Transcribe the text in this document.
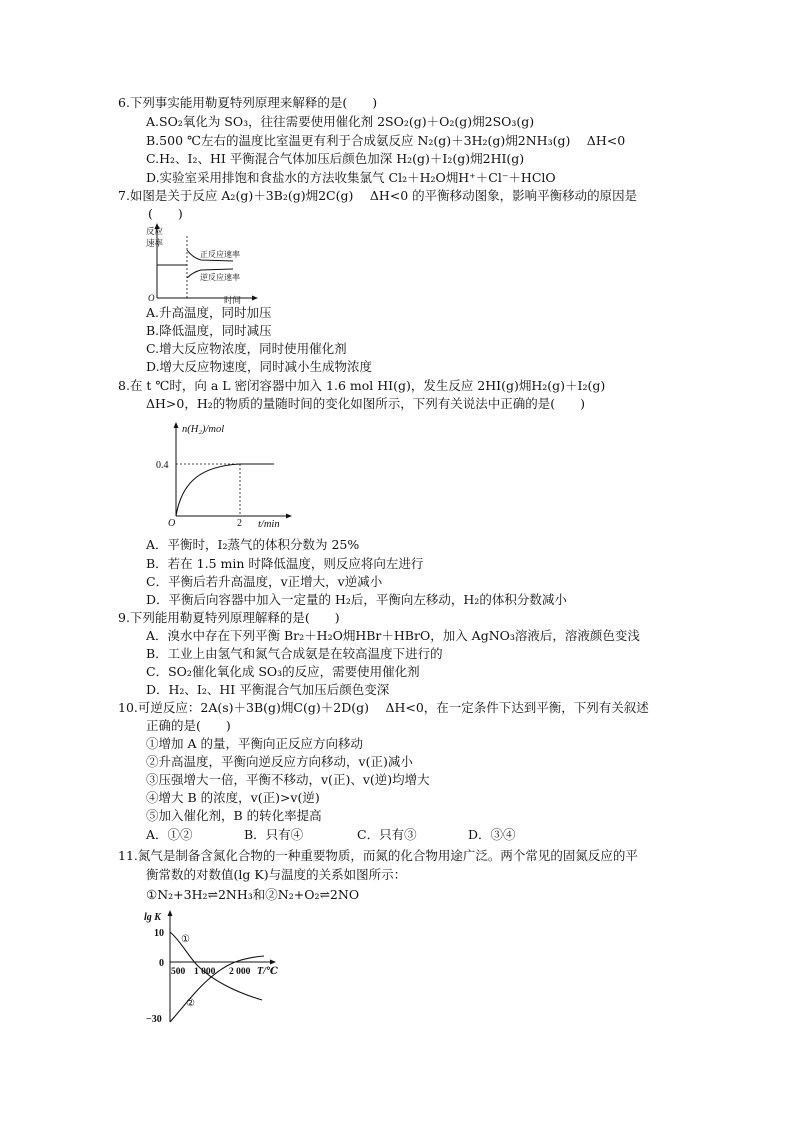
6.下列事实能用勒夏特列原理来解释的是(　　)
A.SO₂氧化为 SO₃，往往需要使用催化剂 2SO₂(g)＋O₂(g)㶲2SO₃(g)
B.500 ℃左右的温度比室温更有利于合成氨反应 N₂(g)＋3H₂(g)㶲2NH₃(g)　 ΔH<0
C.H₂、I₂、HI 平衡混合气体加压后颜色加深 H₂(g)＋I₂(g)㶲2HI(g)
D.实验室采用排饱和食盐水的方法收集氯气 Cl₂＋H₂O㶲H⁺＋Cl⁻＋HClO
7.如图是关于反应 A₂(g)＋3B₂(g)㶲2C(g)　 ΔH<0 的平衡移动图象，影响平衡移动的原因是
(　　)
反应
速率
O
正反应速率
逆反应速率
时间
A.升高温度，同时加压
B.降低温度，同时减压
C.增大反应物浓度，同时使用催化剂
D.增大反应物速度，同时减小生成物浓度
8.在 t ℃时，向 a L 密闭容器中加入 1.6 mol HI(g)，发生反应 2HI(g)㶲H₂(g)＋I₂(g)
ΔH>0，H₂的物质的量随时间的变化如图所示，下列有关说法中正确的是(　　)
n(H₂)/mol
0.4
O	2 t/min
A．平衡时，I₂蒸气的体积分数为 25%
B．若在 1.5 min 时降低温度，则反应将向左进行
C．平衡后若升高温度，v正增大，v逆减小
D．平衡后向容器中加入一定量的 H₂后，平衡向左移动，H₂的体积分数减小
9.下列能用勒夏特列原理解释的是(　　)
A．溴水中存在下列平衡 Br₂＋H₂O㶲HBr＋HBrO，加入 AgNO₃溶液后，溶液颜色变浅
B．工业上由氢气和氮气合成氨是在较高温度下进行的
C．SO₂催化氧化成 SO₃的反应，需要使用催化剂
D．H₂、I₂、HI 平衡混合气加压后颜色变深
10.可逆反应：2A(s)＋3B(g)㶲C(g)＋2D(g)　 ΔH<0，在一定条件下达到平衡，下列有关叙述
正确的是(　　)
①增加 A 的量，平衡向正反应方向移动
②升高温度，平衡向逆反应方向移动，v(正)减小
③压强增大一倍，平衡不移动，v(正)、v(逆)均增大
④增大 B 的浓度，v(正)>v(逆)
⑤加入催化剂，B 的转化率提高
A．①②	B．只有④	C．只有③	D．③④
11.氮气是制备含氮化合物的一种重要物质，而氮的化合物用途广泛。两个常见的固氮反应的平
衡常数的对数值(lg K)与温度的关系如图所示：
①N₂+3H₂⇌2NH₃和②N₂+O₂⇌2NO
lg K
10
0
−30
500 1 000 2 000 T/℃
①
②
